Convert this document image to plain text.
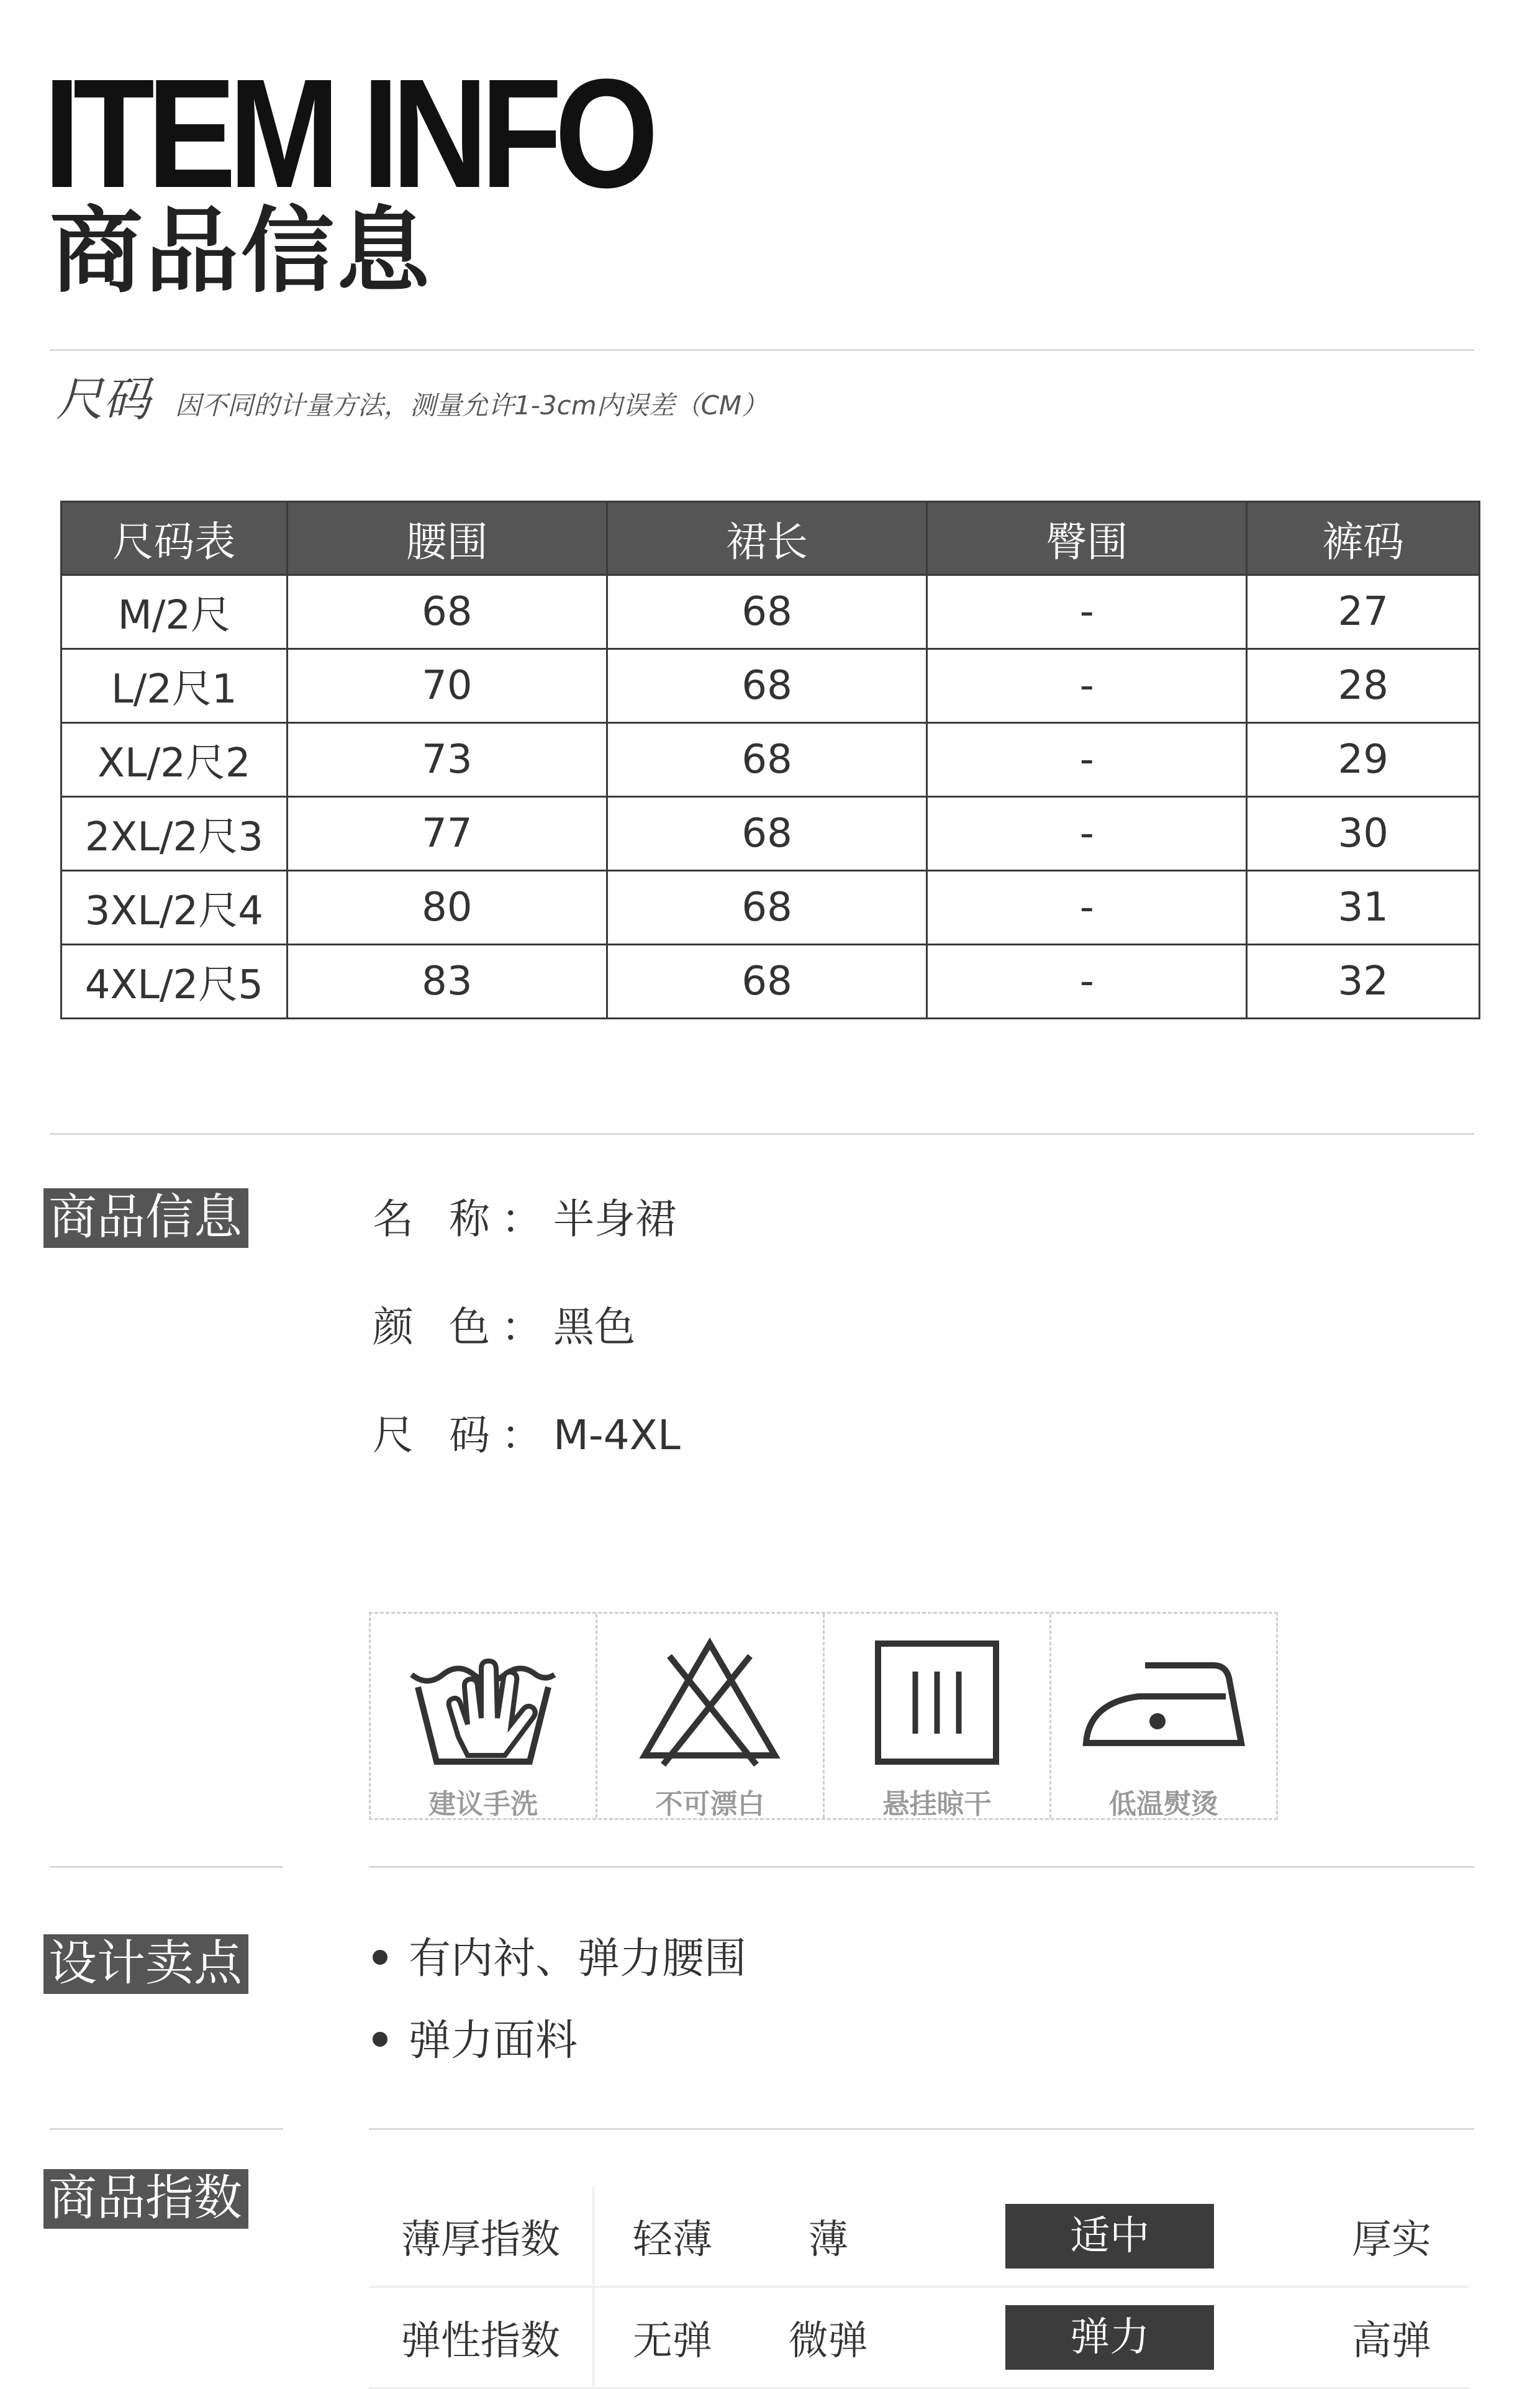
ITEM INFO
商品信息
尺码 因不同的计量方法，测量允许1-3cm内误差（CM）
尺码表	腰围	裙长	臀围	裤码
M/2尺	68	68	-	27
L/2尺1	70	68	-	28
XL/2尺2	73	68	-	29
2XL/2尺3	77	68	-	30
3XL/2尺4	80	68	-	31
4XL/2尺5	83	68	-	32
商品信息	名 称：半身裙
颜 色：黑色
尺 码：M-4XL
建议手洗	不可漂白	悬挂晾干	低温熨烫
设计卖点	有内衬、弹力腰围
弹力面料
商品指数
薄厚指数	轻薄	薄	适中	厚实
弹性指数	无弹	微弹	弹力	高弹
